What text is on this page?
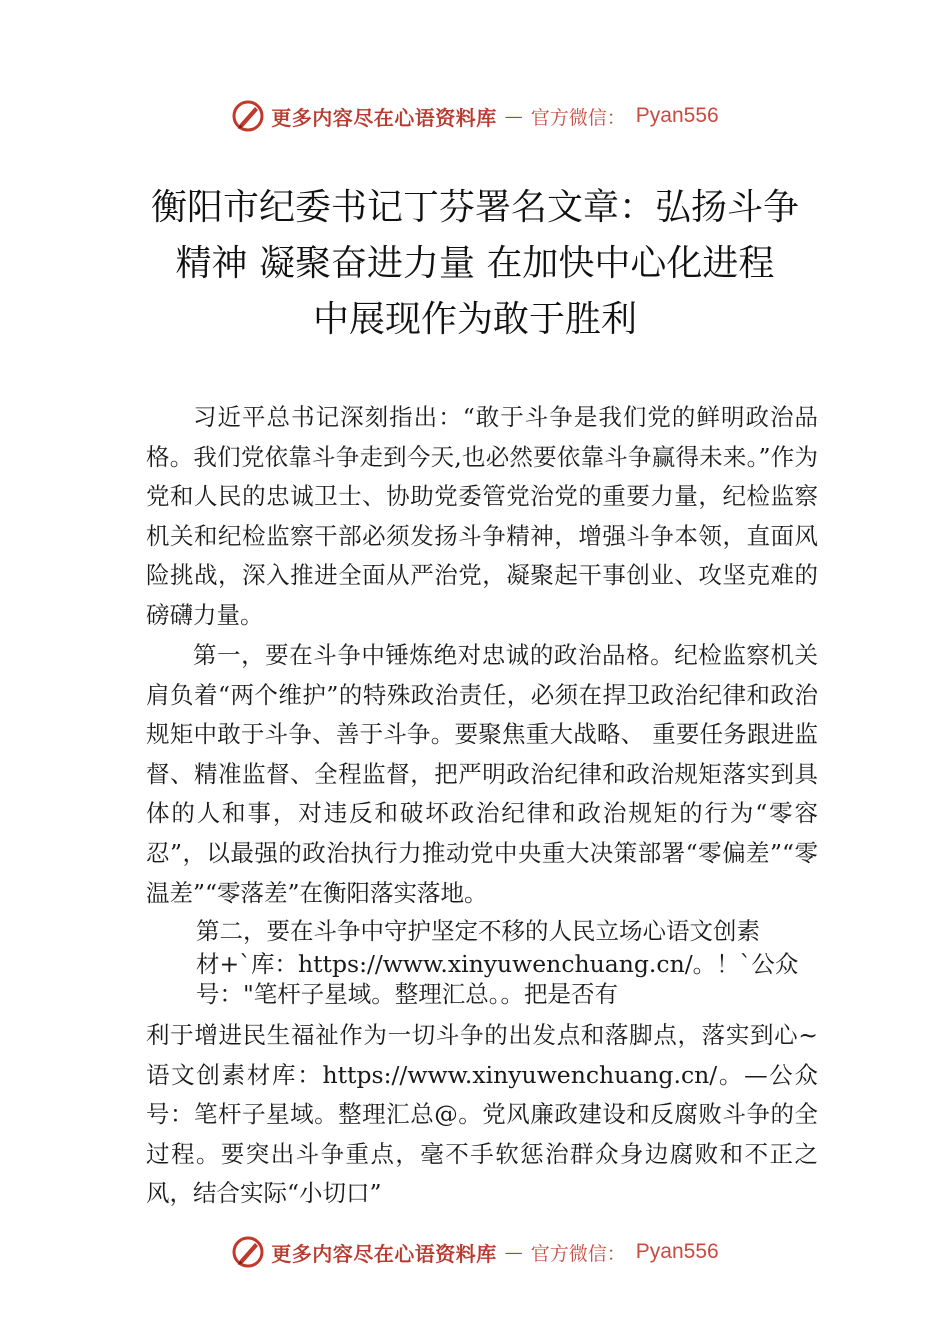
更多内容尽在心语资料库 — 官方微信： Pyan556
衡阳市纪委书记丁芬署名文章：弘扬斗争
精神 凝聚奋进力量 在加快中心化进程
中展现作为敢于胜利

习近平总书记深刻指出：“敢于斗争是我们党的鲜明政治品格。我们党依靠斗争走到今天,也必然要依靠斗争赢得未来。”作为党和人民的忠诚卫士、协助党委管党治党的重要力量，纪检监察机关和纪检监察干部必须发扬斗争精神，增强斗争本领，直面风险挑战，深入推进全面从严治党，凝聚起干事创业、攻坚克难的磅礴力量。

第一，要在斗争中锤炼绝对忠诚的政治品格。纪检监察机关肩负着“两个维护”的特殊政治责任，必须在捍卫政治纪律和政治规矩中敢于斗争、善于斗争。要聚焦重大战略、 重要任务跟进监督、精准监督、全程监督，把严明政治纪律和政治规矩落实到具体的人和事，对违反和破坏政治纪律和政治规矩的行为“零容忍”，以最强的政治执行力推动党中央重大决策部署“零偏差”“零温差”“零落差”在衡阳落实落地。

第二，要在斗争中守护坚定不移的人民立场心语文创素
材+`库：https://www.xinyuwenchuang.cn/。！`公众
号："笔杆子星域。整理汇总。。把是否有

利于增进民生福祉作为一切斗争的出发点和落脚点，落实到心~语文创素材库：https://www.xinyuwenchuang.cn/。—公众号：笔杆子星域。整理汇总@。党风廉政建设和反腐败斗争的全过程。要突出斗争重点，毫不手软惩治群众身边腐败和不正之风，结合实际“小切口”

更多内容尽在心语资料库 — 官方微信： Pyan556
